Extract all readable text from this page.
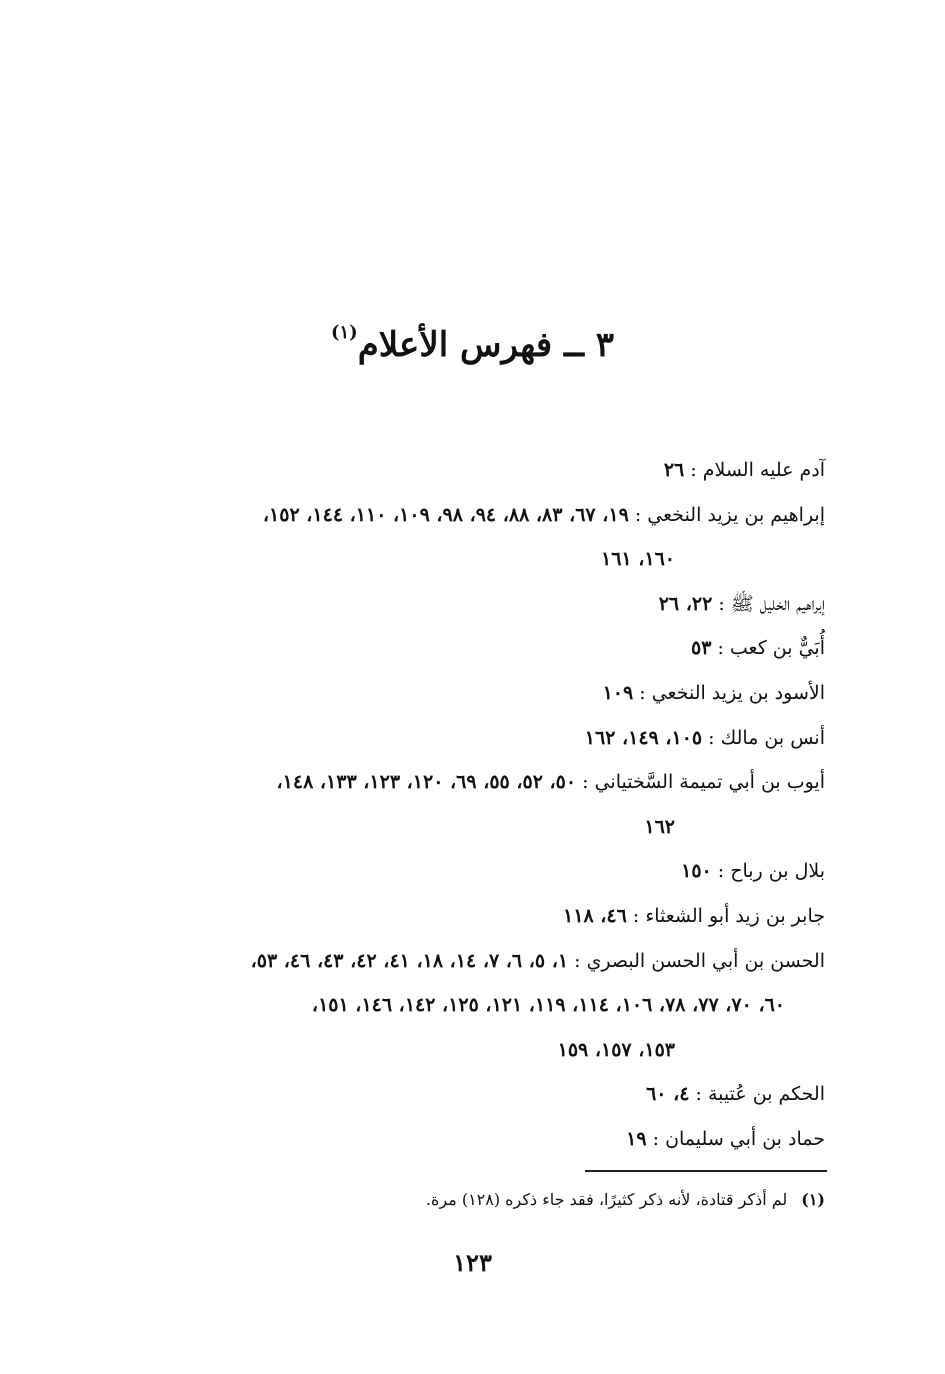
٣ ــ فهرس الأعلام$^{(١)}$

آدم عليه السلام : ٢٦

إبراهيم بن يزيد النخعي : ١٩، ٦٧، ٨٣، ٨٨، ٩٤، ٩٨، ١٠٩، ١١٠، ١٤٤، ١٥٢،

١٦٠، ١٦١

إبراهيم الخليل ﷺ : ٢٢، ٢٦

أُبَيٌّ بن كعب : ٥٣

الأسود بن يزيد النخعي : ١٠٩

أنس بن مالك : ١٠٥، ١٤٩، ١٦٢

أيوب بن أبي تميمة السَّختياني : ٥٠، ٥٢، ٥٥، ٦٩، ١٢٠، ١٢٣، ١٣٣، ١٤٨،

١٦٢

بلال بن رباح : ١٥٠

جابر بن زيد أبو الشعثاء : ٤٦، ١١٨

الحسن بن أبي الحسن البصري : ١، ٥، ٦، ٧، ١٤، ١٨، ٤١، ٤٢، ٤٣، ٤٦، ٥٣،

٦٠، ٧٠، ٧٧، ٧٨، ١٠٦، ١١٤، ١١٩، ١٢١، ١٢٥، ١٤٢، ١٤٦، ١٥١،

١٥٣، ١٥٧، ١٥٩

الحكم بن عُتيبة : ٤، ٦٠

حماد بن أبي سليمان : ١٩

(١)لم أذكر قتادة، لأنه ذكر كثيرًا، فقد جاء ذكره (١٢٨) مرة.
١٢٣
